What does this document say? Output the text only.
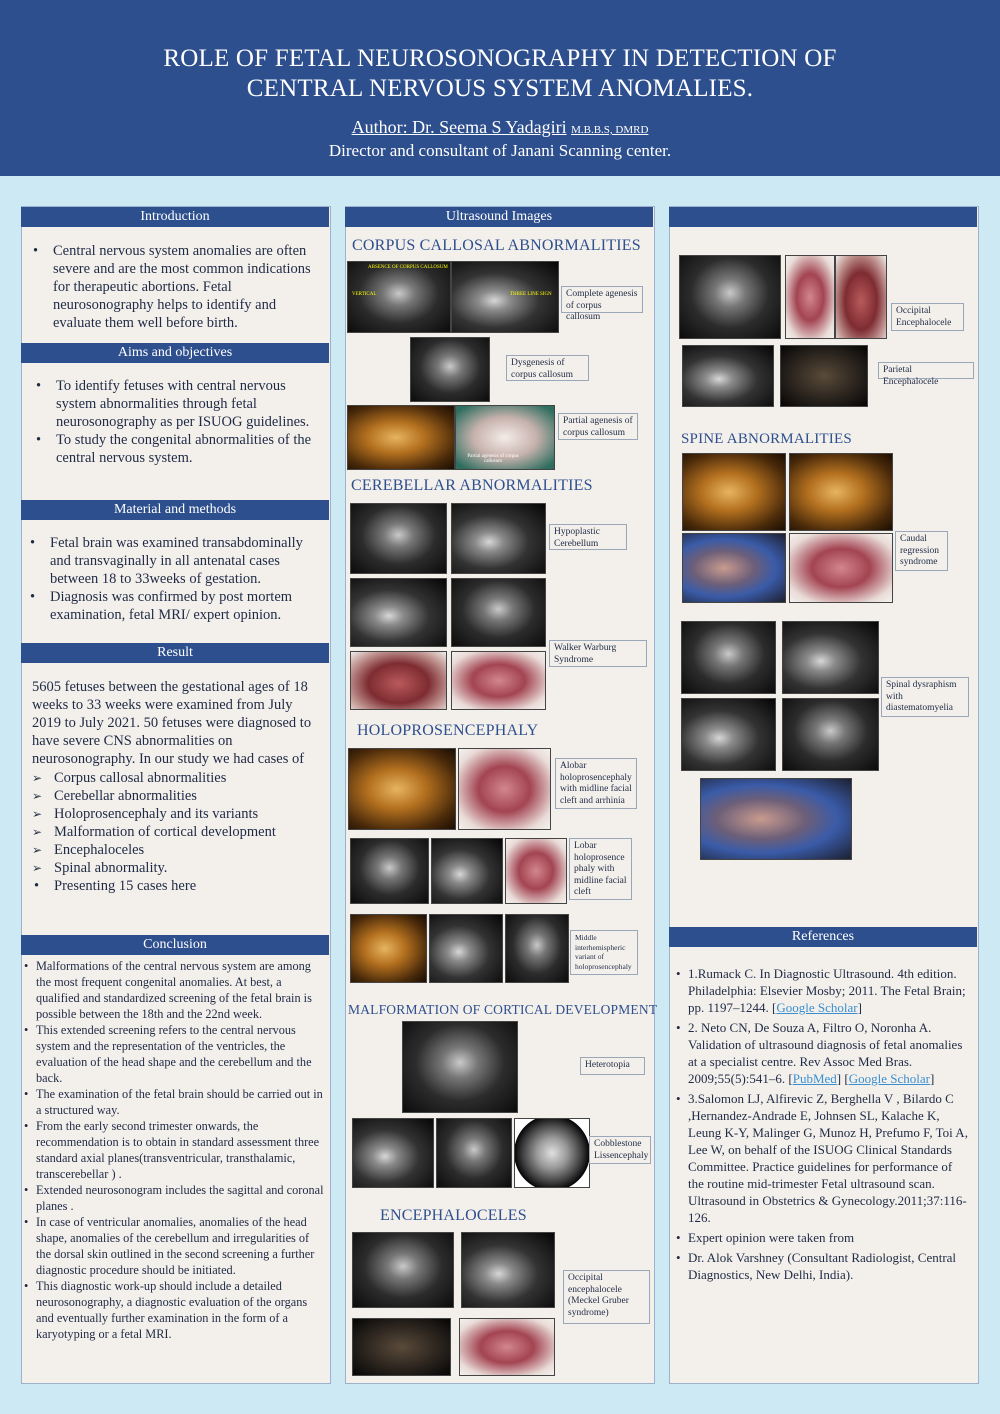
ROLE OF FETAL NEUROSONOGRAPHY IN DETECTION OF
CENTRAL NERVOUS SYSTEM ANOMALIES.
Author: Dr. Seema S Yadagiri M.B.B.S, DMRD
Director and consultant of Janani Scanning center.
Introduction
• Central nervous system anomalies are often severe and are the most common indications for therapeutic abortions. Fetal neurosonography helps to identify and evaluate them well before birth.
Aims and objectives
• To identify fetuses with central nervous system abnormalities through fetal neurosonography as per ISUOG guidelines.
• To study the congenital abnormalities of the central nervous system.
Material and methods
• Fetal brain was examined transabdominally and transvaginally in all antenatal cases between 18 to 33weeks of gestation.
• Diagnosis was confirmed by post mortem examination, fetal MRI/ expert opinion.
Result
5605 fetuses between the gestational ages of 18 weeks to 33 weeks were examined from July 2019 to July 2021. 50 fetuses were diagnosed to have severe CNS abnormalities on neurosonography. In our study we had cases of
➢ Corpus callosal abnormalities
➢ Cerebellar abnormalities
➢ Holoprosencephaly and its variants
➢ Malformation of cortical development
➢ Encephaloceles
➢ Spinal abnormality.
• Presenting 15 cases here
Conclusion
• Malformations of the central nervous system are among the most frequent congenital anomalies. At best, a qualified and standardized screening of the fetal brain is possible between the 18th and the 22nd week.
• This extended screening refers to the central nervous system and the representation of the ventricles, the evaluation of the head shape and the cerebellum and the back.
• The examination of the fetal brain should be carried out in a structured way.
• From the early second trimester onwards, the recommendation is to obtain in standard assessment three standard axial planes(transventricular, transthalamic, transcerebellar ) .
• Extended neurosonogram includes the sagittal and coronal planes .
• In case of ventricular anomalies, anomalies of the head shape, anomalies of the cerebellum and irregularities of the dorsal skin outlined in the second screening a further diagnostic procedure should be initiated.
• This diagnostic work-up should include a detailed neurosonography, a diagnostic evaluation of the organs and eventually further examination in the form of a karyotyping or a fetal MRI.
Ultrasound Images
CORPUS CALLOSAL ABNORMALITIES
ABSENCE OF CORPUS CALLOSUM
VERTICAL	THREE LINE SIGN	Complete agenesis of corpus callosum
Dysgenesis of corpus callosum
Partial agenesis of corpus callosum
Partial agenesis of corpus callosum
CEREBELLAR ABNORMALITIES
Hypoplastic Cerebellum
Walker Warburg Syndrome
HOLOPROSENCEPHALY
Alobar holoprosencephaly with midline facial cleft and arrhinia
Lobar holoprosence phaly with midline facial cleft
Middle interhemispheric variant of holoprosencephaly
MALFORMATION OF CORTICAL DEVELOPMENT
Heterotopia
Cobblestone Lissencephaly
ENCEPHALOCELES
Occipital encephalocele (Meckel Gruber syndrome)
Occipital Encephalocele
Parietal Encephalocele
SPINE ABNORMALITIES
Caudal regression syndrome
Spinal dysraphism with diastematomyelia
References
• 1.Rumack C. In Diagnostic Ultrasound. 4th edition. Philadelphia: Elsevier Mosby; 2011. The Fetal Brain; pp. 1197–1244. [Google Scholar]
• 2. Neto CN, De Souza A, Filtro O, Noronha A. Validation of ultrasound diagnosis of fetal anomalies at a specialist centre. Rev Assoc Med Bras. 2009;55(5):541–6. [PubMed] [Google Scholar]
• 3.Salomon LJ, Alfirevic Z, Berghella V , Bilardo C ,Hernandez-Andrade E, Johnsen SL, Kalache K, Leung K-Y, Malinger G, Munoz H, Prefumo F, Toi A, Lee W, on behalf of the ISUOG Clinical Standards Committee. Practice guidelines for performance of the routine mid-trimester Fetal ultrasound scan. Ultrasound in Obstetrics & Gynecology.2011;37:116-126.
• Expert opinion were taken from
• Dr. Alok Varshney (Consultant Radiologist, Central Diagnostics, New Delhi, India).
